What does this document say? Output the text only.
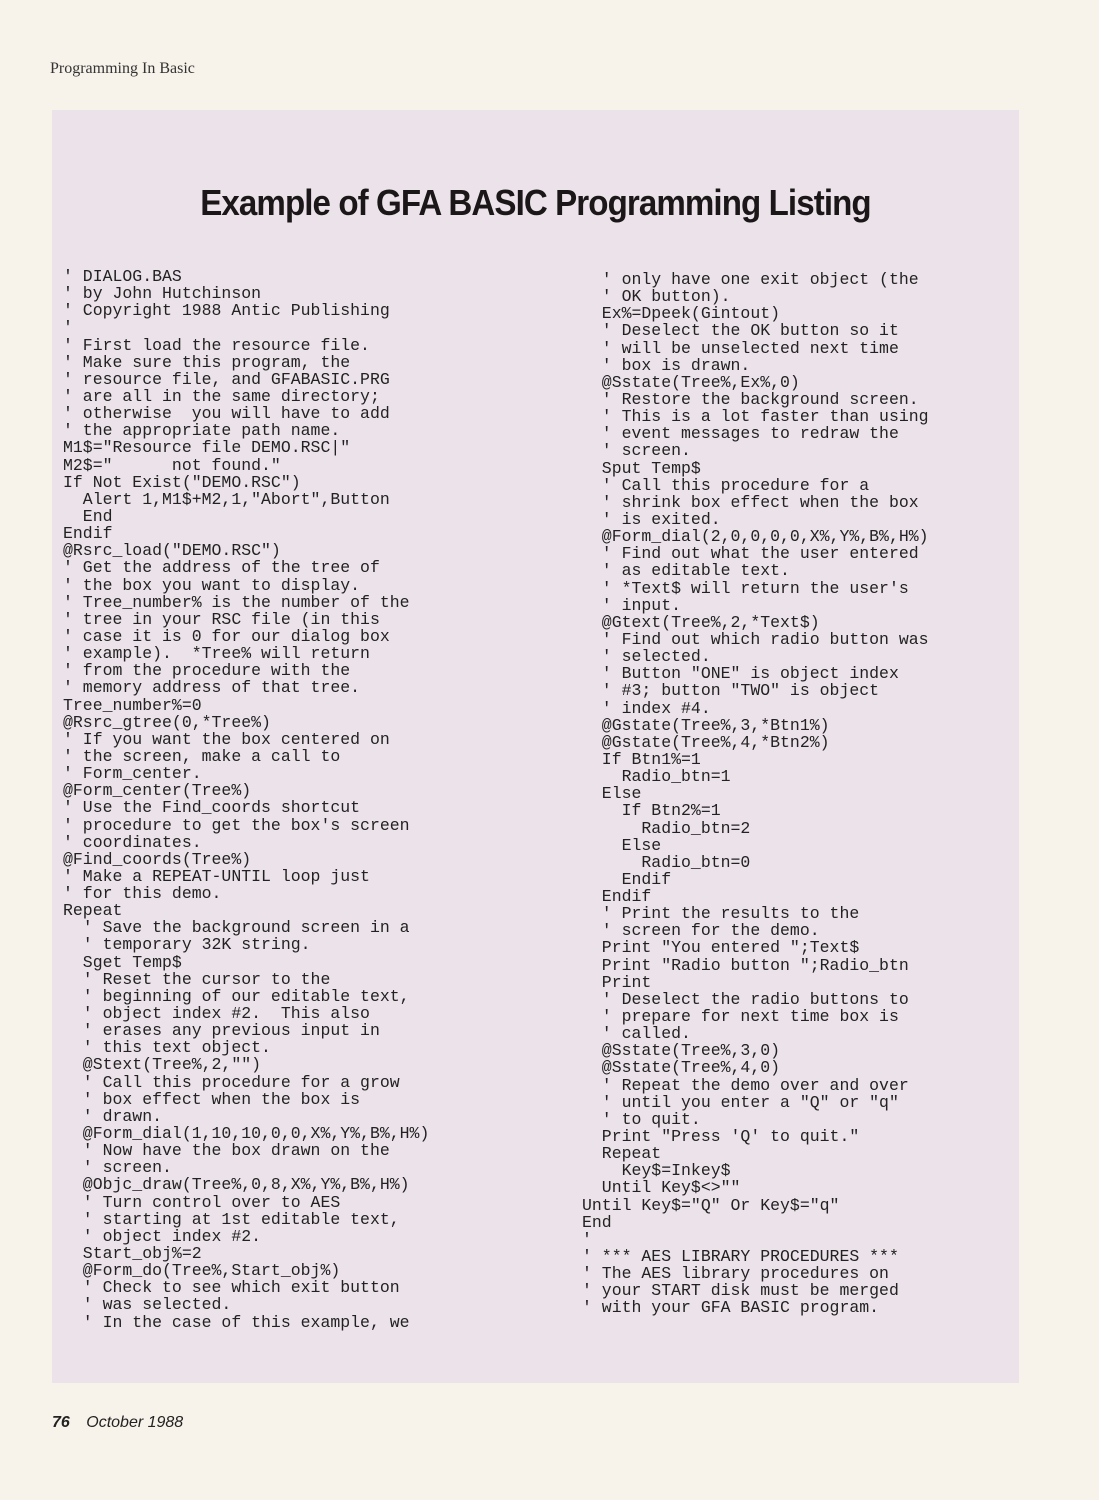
Programming In Basic
Example of GFA BASIC Programming Listing
' DIALOG.BAS
' by John Hutchinson
' Copyright 1988 Antic Publishing
'
' First load the resource file.
' Make sure this program, the
' resource file, and GFABASIC.PRG
' are all in the same directory;
' otherwise  you will have to add
' the appropriate path name.
M1$="Resource file DEMO.RSC|"
M2$="      not found."
If Not Exist("DEMO.RSC")
Alert 1,M1$+M2,1,"Abort",Button
End
Endif
@Rsrc_load("DEMO.RSC")
' Get the address of the tree of
' the box you want to display.
' Tree_number% is the number of the
' tree in your RSC file (in this
' case it is 0 for our dialog box
' example).  *Tree% will return
' from the procedure with the
' memory address of that tree.
Tree_number%=0
@Rsrc_gtree(0,*Tree%)
' If you want the box centered on
' the screen, make a call to
' Form_center.
@Form_center(Tree%)
' Use the Find_coords shortcut
' procedure to get the box's screen
' coordinates.
@Find_coords(Tree%)
' Make a REPEAT-UNTIL loop just
' for this demo.
Repeat
' Save the background screen in a
' temporary 32K string.
Sget Temp$
' Reset the cursor to the
' beginning of our editable text,
' object index #2.  This also
' erases any previous input in
' this text object.
@Stext(Tree%,2,"")
' Call this procedure for a grow
' box effect when the box is
' drawn.
@Form_dial(1,10,10,0,0,X%,Y%,B%,H%)
' Now have the box drawn on the
' screen.
@Objc_draw(Tree%,0,8,X%,Y%,B%,H%)
' Turn control over to AES
' starting at 1st editable text,
' object index #2.
Start_obj%=2
@Form_do(Tree%,Start_obj%)
' Check to see which exit button
' was selected.
' In the case of this example, we
' only have one exit object (the
' OK button).
Ex%=Dpeek(Gintout)
' Deselect the OK button so it
' will be unselected next time
' box is drawn.
@Sstate(Tree%,Ex%,0)
' Restore the background screen.
' This is a lot faster than using
' event messages to redraw the
' screen.
Sput Temp$
' Call this procedure for a
' shrink box effect when the box
' is exited.
@Form_dial(2,0,0,0,0,X%,Y%,B%,H%)
' Find out what the user entered
' as editable text.
' *Text$ will return the user's
' input.
@Gtext(Tree%,2,*Text$)
' Find out which radio button was
' selected.
' Button "ONE" is object index
' #3; button "TWO" is object
' index #4.
@Gstate(Tree%,3,*Btn1%)
@Gstate(Tree%,4,*Btn2%)
If Btn1%=1
Radio_btn=1
Else
If Btn2%=1
Radio_btn=2
Else
Radio_btn=0
Endif
Endif
' Print the results to the
' screen for the demo.
Print "You entered ";Text$
Print "Radio button ";Radio_btn
Print
' Deselect the radio buttons to
' prepare for next time box is
' called.
@Sstate(Tree%,3,0)
@Sstate(Tree%,4,0)
' Repeat the demo over and over
' until you enter a "Q" or "q"
' to quit.
Print "Press 'Q' to quit."
Repeat
Key$=Inkey$
Until Key$<>""
Until Key$="Q" Or Key$="q"
End
'
' *** AES LIBRARY PROCEDURES ***
' The AES library procedures on
' your START disk must be merged
' with your GFA BASIC program.
76 October 1988
